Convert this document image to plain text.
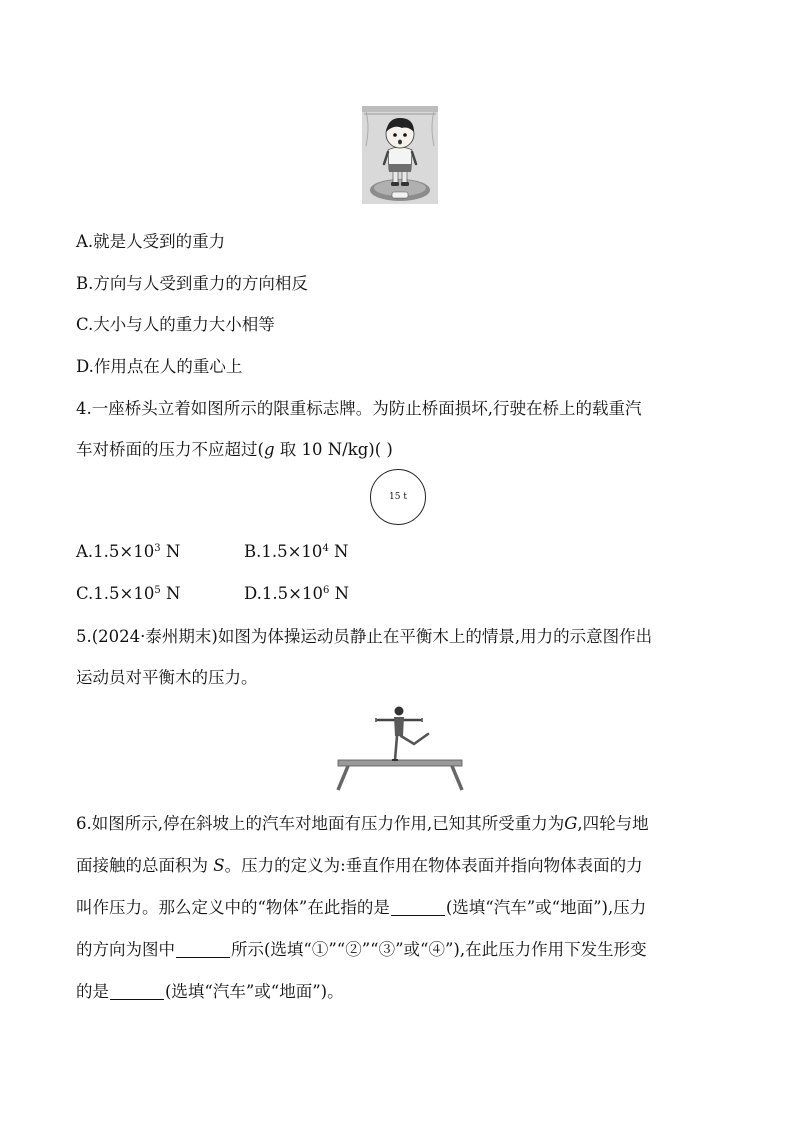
A.就是人受到的重力
B.方向与人受到重力的方向相反
C.大小与人的重力大小相等
D.作用点在人的重心上
4.一座桥头立着如图所示的限重标志牌。为防止桥面损坏,行驶在桥上的载重汽
车对桥面的压力不应超过(g 取 10 N/kg)( )
15 t
$A.1.5\times 10^3$ N	$B.1.5\times 10^4$ N
$C.1.5\times 10^5$ N	$D.1.5\times 10^6$ N
5.(2024·泰州期末)如图为体操运动员静止在平衡木上的情景,用力的示意图作出
运动员对平衡木的压力。
6.如图所示,停在斜坡上的汽车对地面有压力作用,已知其所受重力为G,四轮与地
面接触的总面积为 S。压力的定义为:垂直作用在物体表面并指向物体表面的力
叫作压力。那么定义中的“物体”在此指的是	(选填“汽车”或“地面”),压力
的方向为图中	所示(选填“①”“②”“③”或“④”),在此压力作用下发生形变
的是	(选填“汽车”或“地面”)。
